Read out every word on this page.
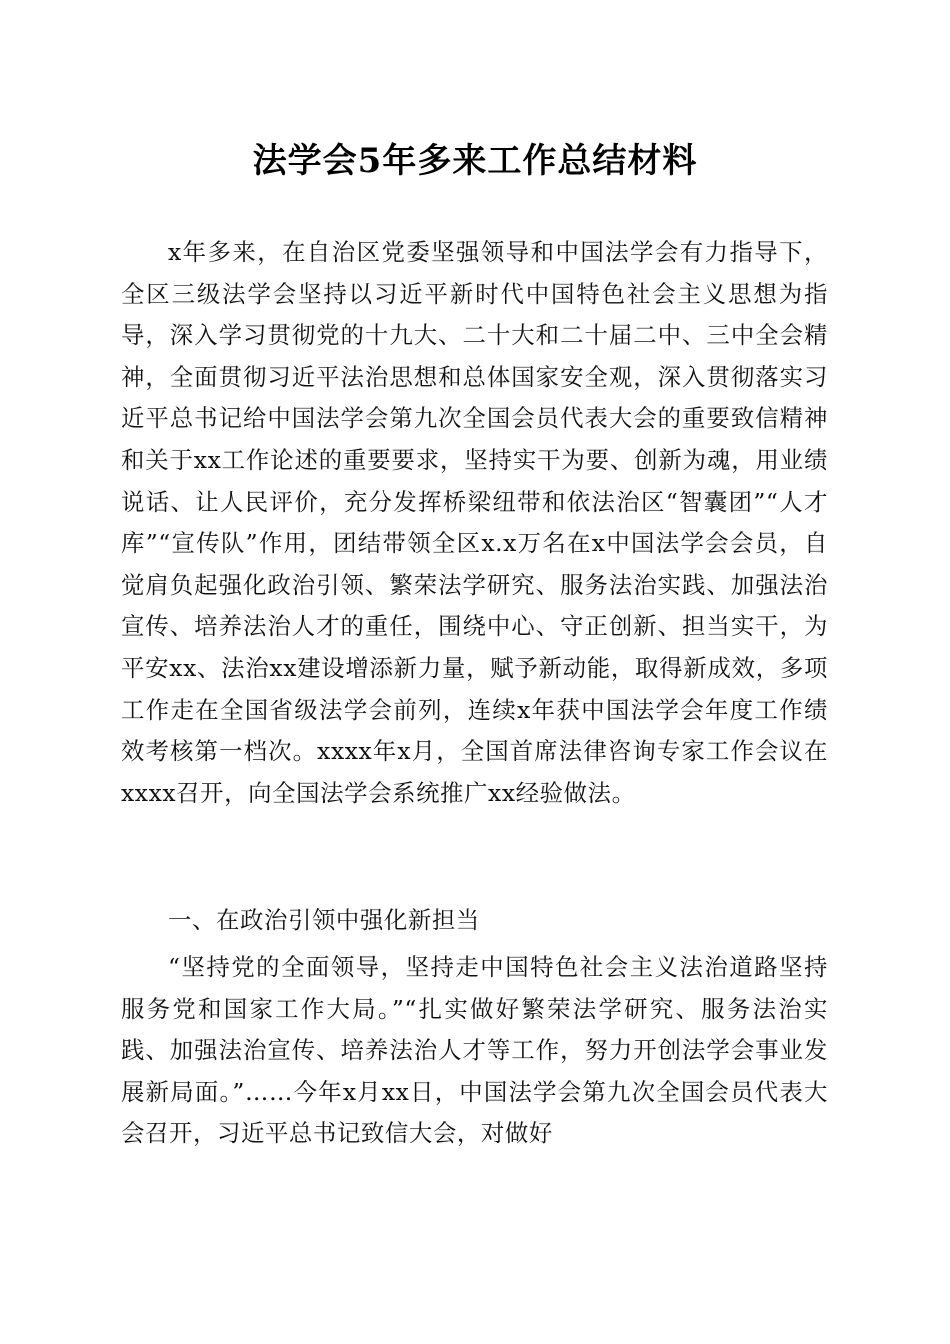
法学会5年多来工作总结材料

x年多来，在自治区党委坚强领导和中国法学会有力指导下，全区三级法学会坚持以习近平新时代中国特色社会主义思想为指导，深入学习贯彻党的十九大、二十大和二十届二中、三中全会精神，全面贯彻习近平法治思想和总体国家安全观，深入贯彻落实习近平总书记给中国法学会第九次全国会员代表大会的重要致信精神和关于xx工作论述的重要要求，坚持实干为要、创新为魂，用业绩说话、让人民评价，充分发挥桥梁纽带和依法治区“智囊团”“人才库”“宣传队”作用，团结带领全区x.x万名在x中国法学会会员，自觉肩负起强化政治引领、繁荣法学研究、服务法治实践、加强法治宣传、培养法治人才的重任，围绕中心、守正创新、担当实干，为平安xx、法治xx建设增添新力量，赋予新动能，取得新成效，多项工作走在全国省级法学会前列，连续x年获中国法学会年度工作绩效考核第一档次。xxxx年x月，全国首席法律咨询专家工作会议在xxxx召开，向全国法学会系统推广xx经验做法。

一、在政治引领中强化新担当

“坚持党的全面领导，坚持走中国特色社会主义法治道路坚持服务党和国家工作大局。”“扎实做好繁荣法学研究、服务法治实践、加强法治宣传、培养法治人才等工作，努力开创法学会事业发展新局面。”……今年x月xx日，中国法学会第九次全国会员代表大会召开，习近平总书记致信大会，对做好
